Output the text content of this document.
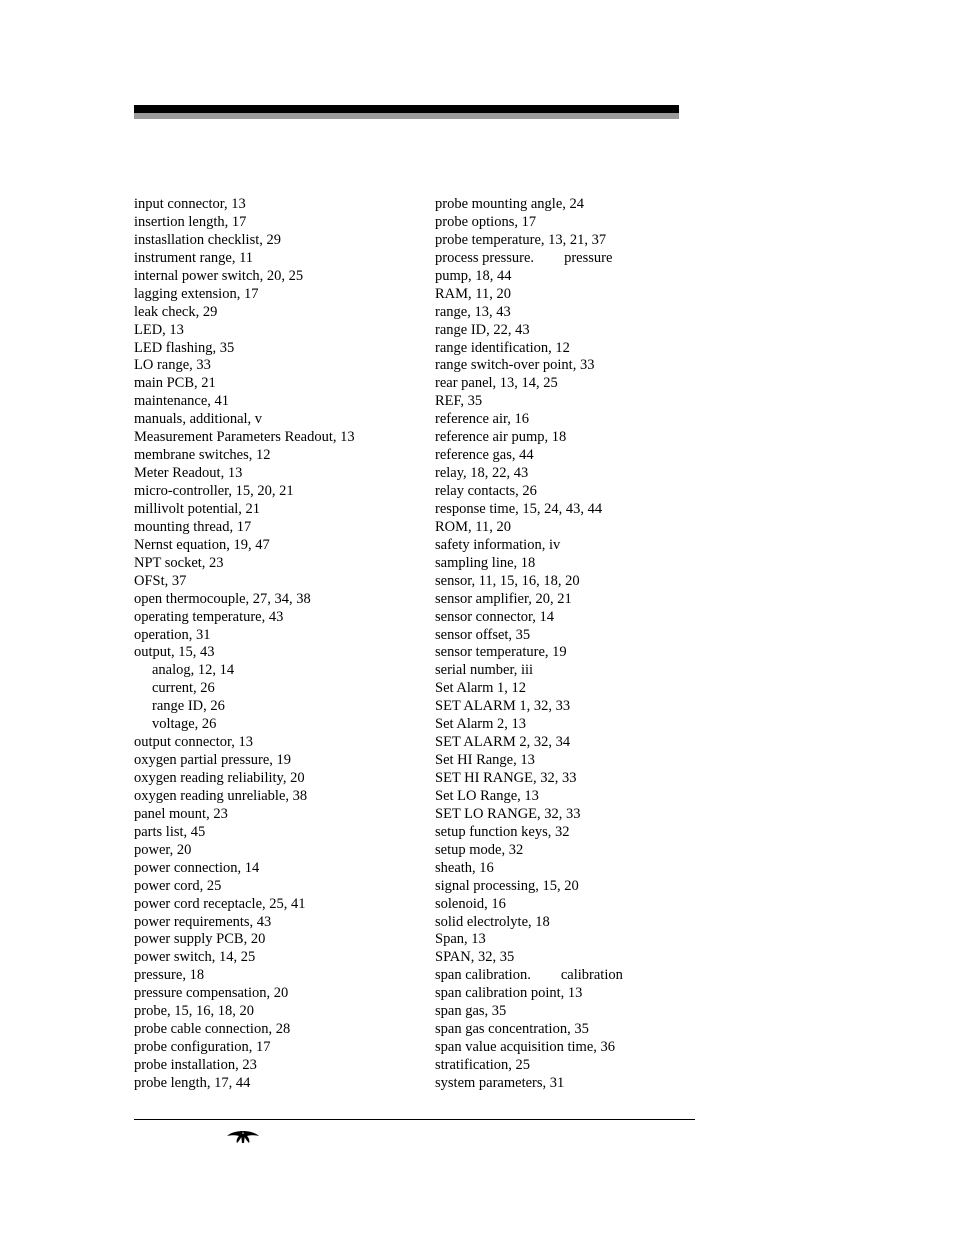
input connector, 13
insertion length, 17
instasllation checklist, 29
instrument range, 11
internal power switch, 20, 25
lagging extension, 17
leak check, 29
LED, 13
LED flashing, 35
LO range, 33
main PCB, 21
maintenance, 41
manuals, additional, v
Measurement Parameters Readout, 13
membrane switches, 12
Meter Readout, 13
micro-controller, 15, 20, 21
millivolt potential, 21
mounting thread, 17
Nernst equation, 19, 47
NPT socket, 23
OFSt, 37
open thermocouple, 27, 34, 38
operating temperature, 43
operation, 31
output, 15, 43
analog, 12, 14
current, 26
range ID, 26
voltage, 26
output connector, 13
oxygen partial pressure, 19
oxygen reading reliability, 20
oxygen reading unreliable, 38
panel mount, 23
parts list, 45
power, 20
power connection, 14
power cord, 25
power cord receptacle, 25, 41
power requirements, 43
power supply PCB, 20
power switch, 14, 25
pressure, 18
pressure compensation, 20
probe, 15, 16, 18, 20
probe cable connection, 28
probe configuration, 17
probe installation, 23
probe length, 17, 44
probe mounting angle, 24
probe options, 17
probe temperature, 13, 21, 37
process pressure. pressure
pump, 18, 44
RAM, 11, 20
range, 13, 43
range ID, 22, 43
range identification, 12
range switch-over point, 33
rear panel, 13, 14, 25
REF, 35
reference air, 16
reference air pump, 18
reference gas, 44
relay, 18, 22, 43
relay contacts, 26
response time, 15, 24, 43, 44
ROM, 11, 20
safety information, iv
sampling line, 18
sensor, 11, 15, 16, 18, 20
sensor amplifier, 20, 21
sensor connector, 14
sensor offset, 35
sensor temperature, 19
serial number, iii
Set Alarm 1, 12
SET ALARM 1, 32, 33
Set Alarm 2, 13
SET ALARM 2, 32, 34
Set HI Range, 13
SET HI RANGE, 32, 33
Set LO Range, 13
SET LO RANGE, 32, 33
setup function keys, 32
setup mode, 32
sheath, 16
signal processing, 15, 20
solenoid, 16
solid electrolyte, 18
Span, 13
SPAN, 32, 35
span calibration. calibration
span calibration point, 13
span gas, 35
span gas concentration, 35
span value acquisition time, 36
stratification, 25
system parameters, 31
